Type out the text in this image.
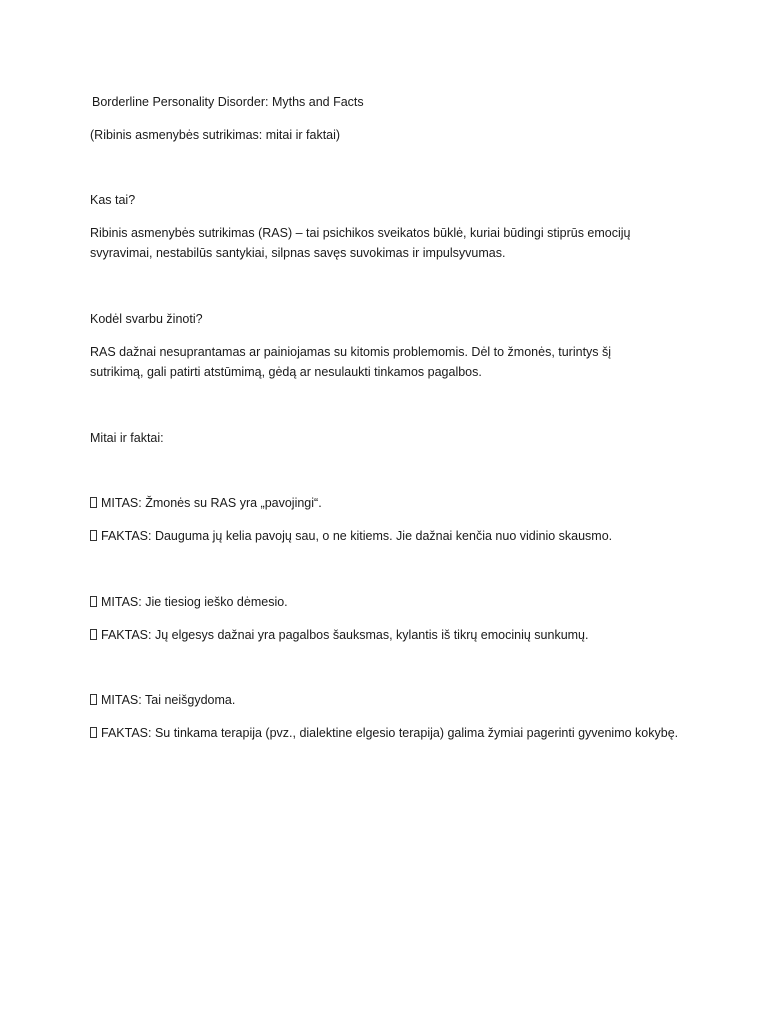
Borderline Personality Disorder: Myths and Facts

(Ribinis asmenybės sutrikimas: mitai ir faktai)

Kas tai?

Ribinis asmenybės sutrikimas (RAS) – tai psichikos sveikatos būklė, kuriai būdingi stiprūs emocijų svyravimai, nestabilūs santykiai, silpnas savęs suvokimas ir impulsyvumas.

Kodėl svarbu žinoti?

RAS dažnai nesuprantamas ar painiojamas su kitomis problemomis. Dėl to žmonės, turintys šį sutrikimą, gali patirti atstūmimą, gėdą ar nesulaukti tinkamos pagalbos.

Mitai ir faktai:

MITAS: Žmonės su RAS yra „pavojingi“.

FAKTAS: Dauguma jų kelia pavojų sau, o ne kitiems. Jie dažnai kenčia nuo vidinio skausmo.

MITAS: Jie tiesiog ieško dėmesio.

FAKTAS: Jų elgesys dažnai yra pagalbos šauksmas, kylantis iš tikrų emocinių sunkumų.

MITAS: Tai neišgydoma.

FAKTAS: Su tinkama terapija (pvz., dialektine elgesio terapija) galima žymiai pagerinti gyvenimo kokybę.
